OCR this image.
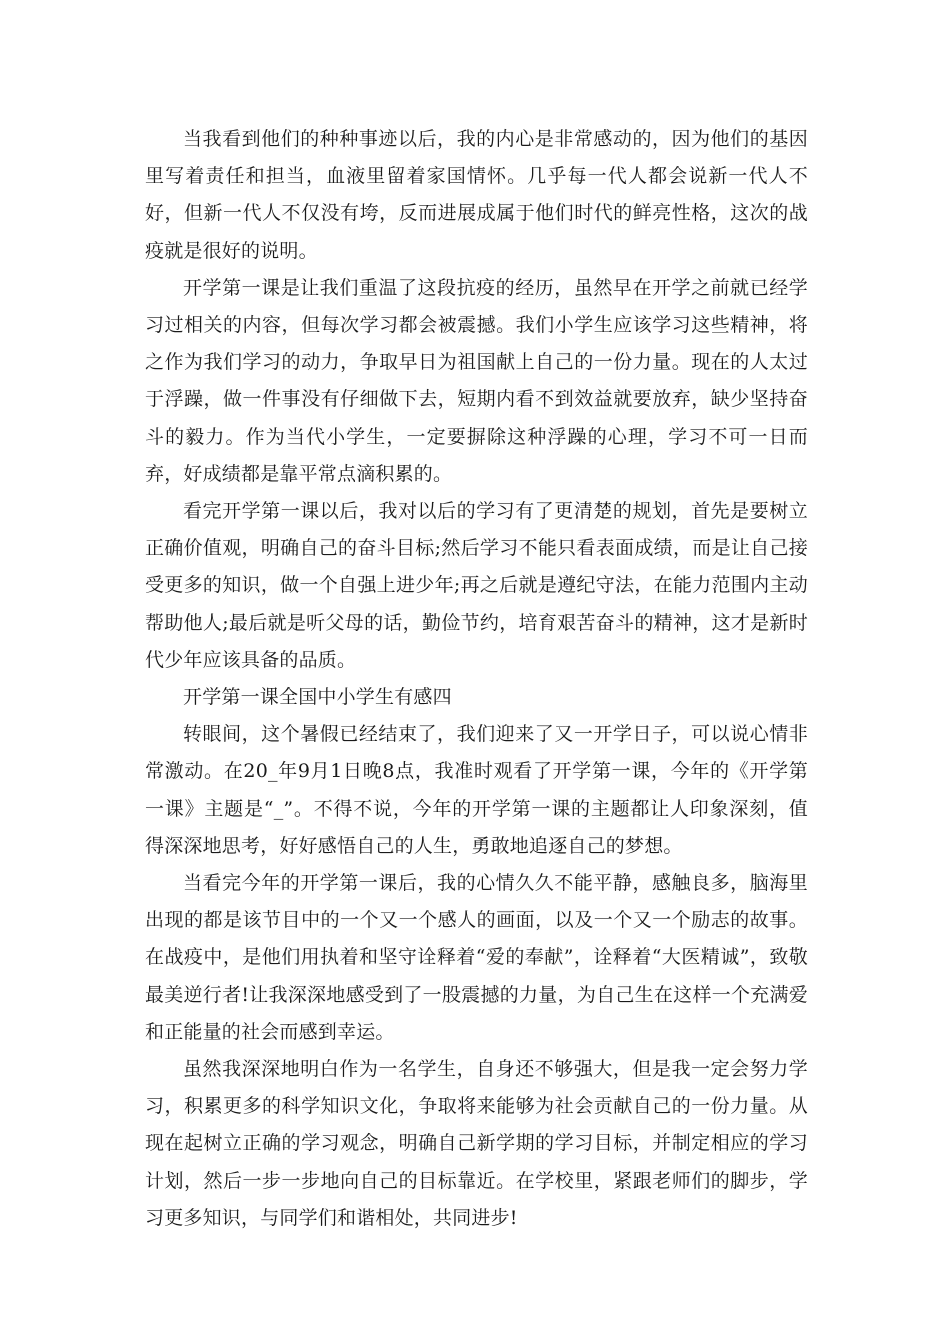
当我看到他们的种种事迹以后，我的内心是非常感动的，因为他们的基因里写着责任和担当，血液里留着家国情怀。几乎每一代人都会说新一代人不好，但新一代人不仅没有垮，反而进展成属于他们时代的鲜亮性格，这次的战疫就是很好的说明。

开学第一课是让我们重温了这段抗疫的经历，虽然早在开学之前就已经学习过相关的内容，但每次学习都会被震撼。我们小学生应该学习这些精神，将之作为我们学习的动力，争取早日为祖国献上自己的一份力量。现在的人太过于浮躁，做一件事没有仔细做下去，短期内看不到效益就要放弃，缺少坚持奋斗的毅力。作为当代小学生，一定要摒除这种浮躁的心理，学习不可一日而弃，好成绩都是靠平常点滴积累的。

看完开学第一课以后，我对以后的学习有了更清楚的规划，首先是要树立正确价值观，明确自己的奋斗目标;然后学习不能只看表面成绩，而是让自己接受更多的知识，做一个自强上进少年;再之后就是遵纪守法，在能力范围内主动帮助他人;最后就是听父母的话，勤俭节约，培育艰苦奋斗的精神，这才是新时代少年应该具备的品质。

开学第一课全国中小学生有感四

转眼间，这个暑假已经结束了，我们迎来了又一开学日子，可以说心情非常激动。在20_年9月1日晚8点，我准时观看了开学第一课，今年的《开学第一课》主题是“_”。不得不说，今年的开学第一课的主题都让人印象深刻，值得深深地思考，好好感悟自己的人生，勇敢地追逐自己的梦想。

当看完今年的开学第一课后，我的心情久久不能平静，感触良多，脑海里出现的都是该节目中的一个又一个感人的画面，以及一个又一个励志的故事。在战疫中，是他们用执着和坚守诠释着“爱的奉献”，诠释着“大医精诚”，致敬最美逆行者!让我深深地感受到了一股震撼的力量，为自己生在这样一个充满爱和正能量的社会而感到幸运。

虽然我深深地明白作为一名学生，自身还不够强大，但是我一定会努力学习，积累更多的科学知识文化，争取将来能够为社会贡献自己的一份力量。从现在起树立正确的学习观念，明确自己新学期的学习目标，并制定相应的学习计划，然后一步一步地向自己的目标靠近。在学校里，紧跟老师们的脚步，学习更多知识，与同学们和谐相处，共同进步!
